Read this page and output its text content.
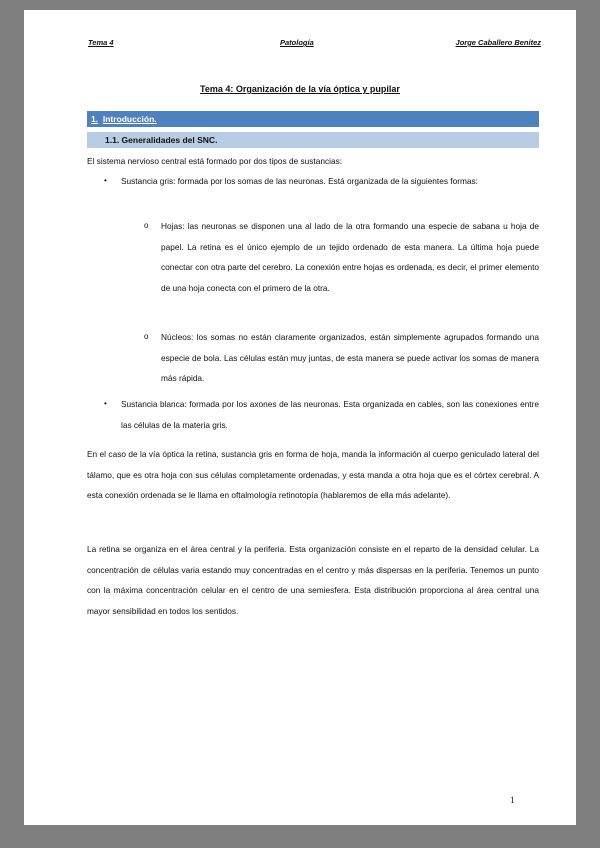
Tema 4	Patología	Jorge Caballero Benítez
Tema 4: Organización de la vía óptica y pupilar
1. Introducción.
1.1. Generalidades del SNC.
El sistema nervioso central está formado por dos tipos de sustancias:
• Sustancia gris: formada por los somas de las neuronas. Está organizada de la siguientes formas:
o Hojas: las neuronas se disponen una al lado de la otra formando una especie de sabana u hoja de papel. La retina es el único ejemplo de un tejido ordenado de esta manera. La última hoja puede conectar con otra parte del cerebro. La conexión entre hojas es ordenada, es decir, el primer elemento de una hoja conecta con el primero de la otra.
o Núcleos: los somas no están claramente organizados, están simplemente agrupados formando una especie de bola. Las células están muy juntas, de esta manera se puede activar los somas de manera más rápida.
• Sustancia blanca: formada por los axones de las neuronas. Esta organizada en cables, son las conexiones entre las células de la materia gris.
En el caso de la vía óptica la retina, sustancia gris en forma de hoja, manda la información al cuerpo geniculado lateral del tálamo, que es otra hoja con sus células completamente ordenadas, y esta manda a otra hoja que es el córtex cerebral. A esta conexión ordenada se le llama en oftalmología retinotopía (hablaremos de ella más adelante).
La retina se organiza en el área central y la periferia. Esta organización consiste en el reparto de la densidad celular. La concentración de células varia estando muy concentradas en el centro y más dispersas en la periferia. Tenemos un punto con la máxima concentración celular en el centro de una semiesfera. Esta distribución proporciona al área central una mayor sensibilidad en todos los sentidos.
1
